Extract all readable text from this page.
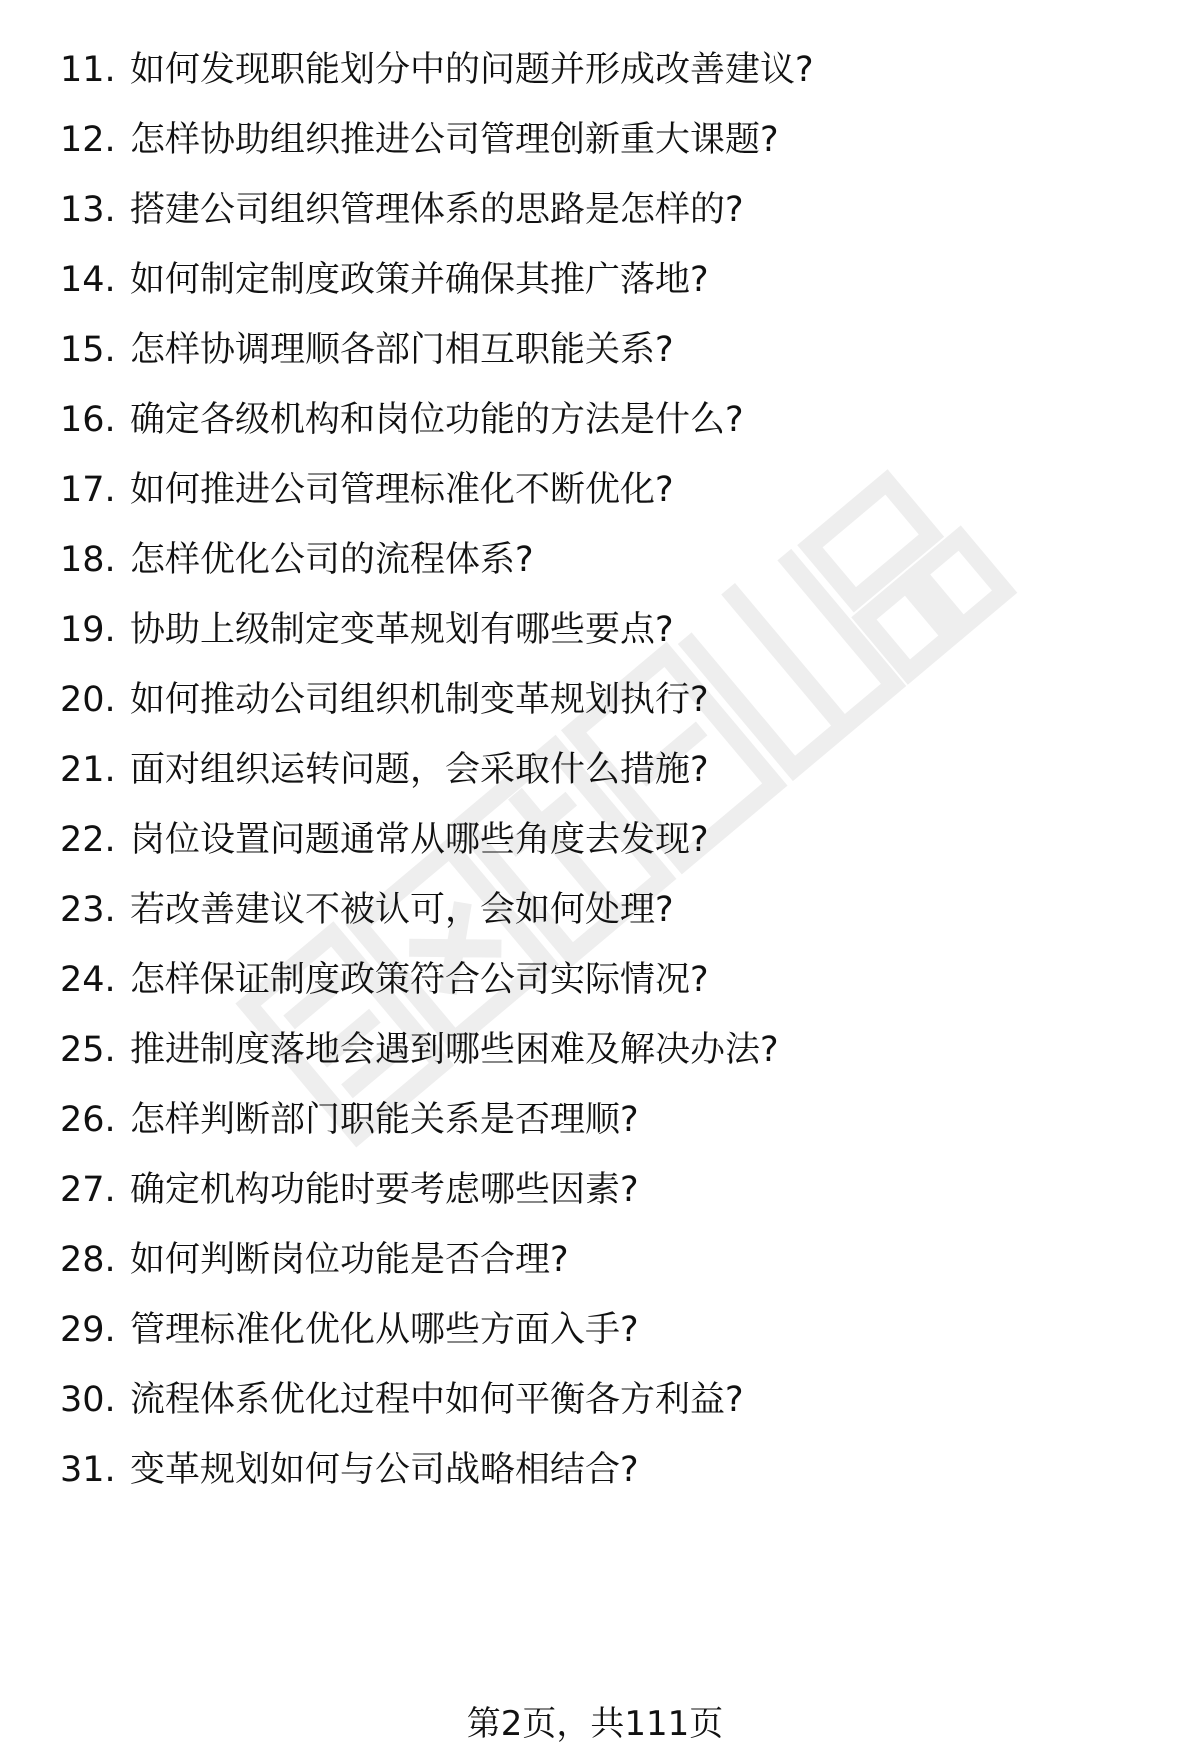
11. 如何发现职能划分中的问题并形成改善建议?
12. 怎样协助组织推进公司管理创新重大课题?
13. 搭建公司组织管理体系的思路是怎样的?
14. 如何制定制度政策并确保其推广落地?
15. 怎样协调理顺各部门相互职能关系?
16. 确定各级机构和岗位功能的方法是什么?
17. 如何推进公司管理标准化不断优化?
18. 怎样优化公司的流程体系?
19. 协助上级制定变革规划有哪些要点?
20. 如何推动公司组织机制变革规划执行?
21. 面对组织运转问题，会采取什么措施?
22. 岗位设置问题通常从哪些角度去发现?
23. 若改善建议不被认可，会如何处理?
24. 怎样保证制度政策符合公司实际情况?
25. 推进制度落地会遇到哪些困难及解决办法?
26. 怎样判断部门职能关系是否理顺?
27. 确定机构功能时要考虑哪些因素?
28. 如何判断岗位功能是否合理?
29. 管理标准化优化从哪些方面入手?
30. 流程体系优化过程中如何平衡各方利益?
31. 变革规划如何与公司战略相结合?
第2页，共111页
